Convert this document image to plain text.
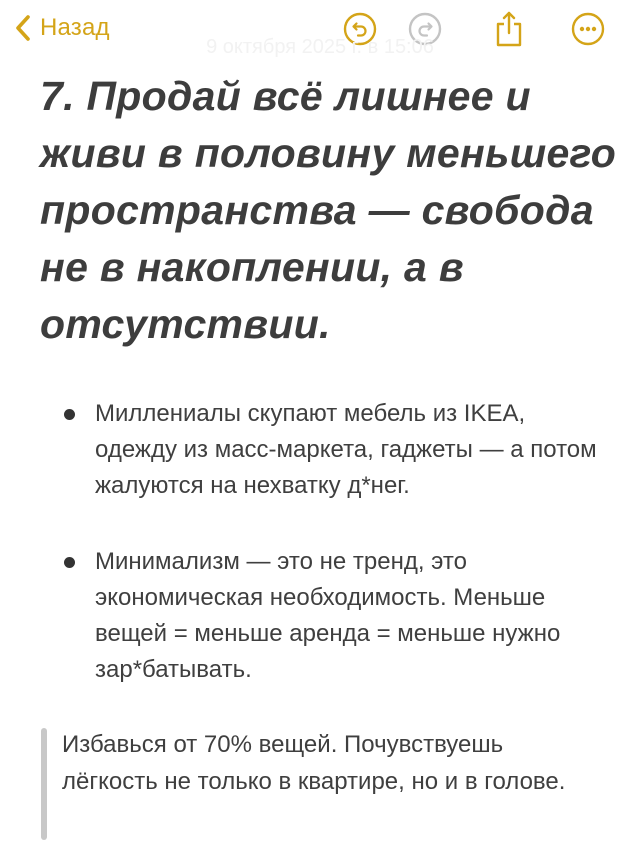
Назад
9 октября 2025 г. в 15:06
7. Продай всё лишнее и живи в половину меньшего пространства — свобода не в накоплении, а в отсутствии.
Миллениалы скупают мебель из IKEA, одежду из масс-маркета, гаджеты — а потом жалуются на нехватку д*нег.
Минимализм — это не тренд, это экономическая необходимость. Меньше вещей = меньше аренда = меньше нужно зар*батывать.
Избавься от 70% вещей. Почувствуешь лёгкость не только в квартире, но и в голове.
